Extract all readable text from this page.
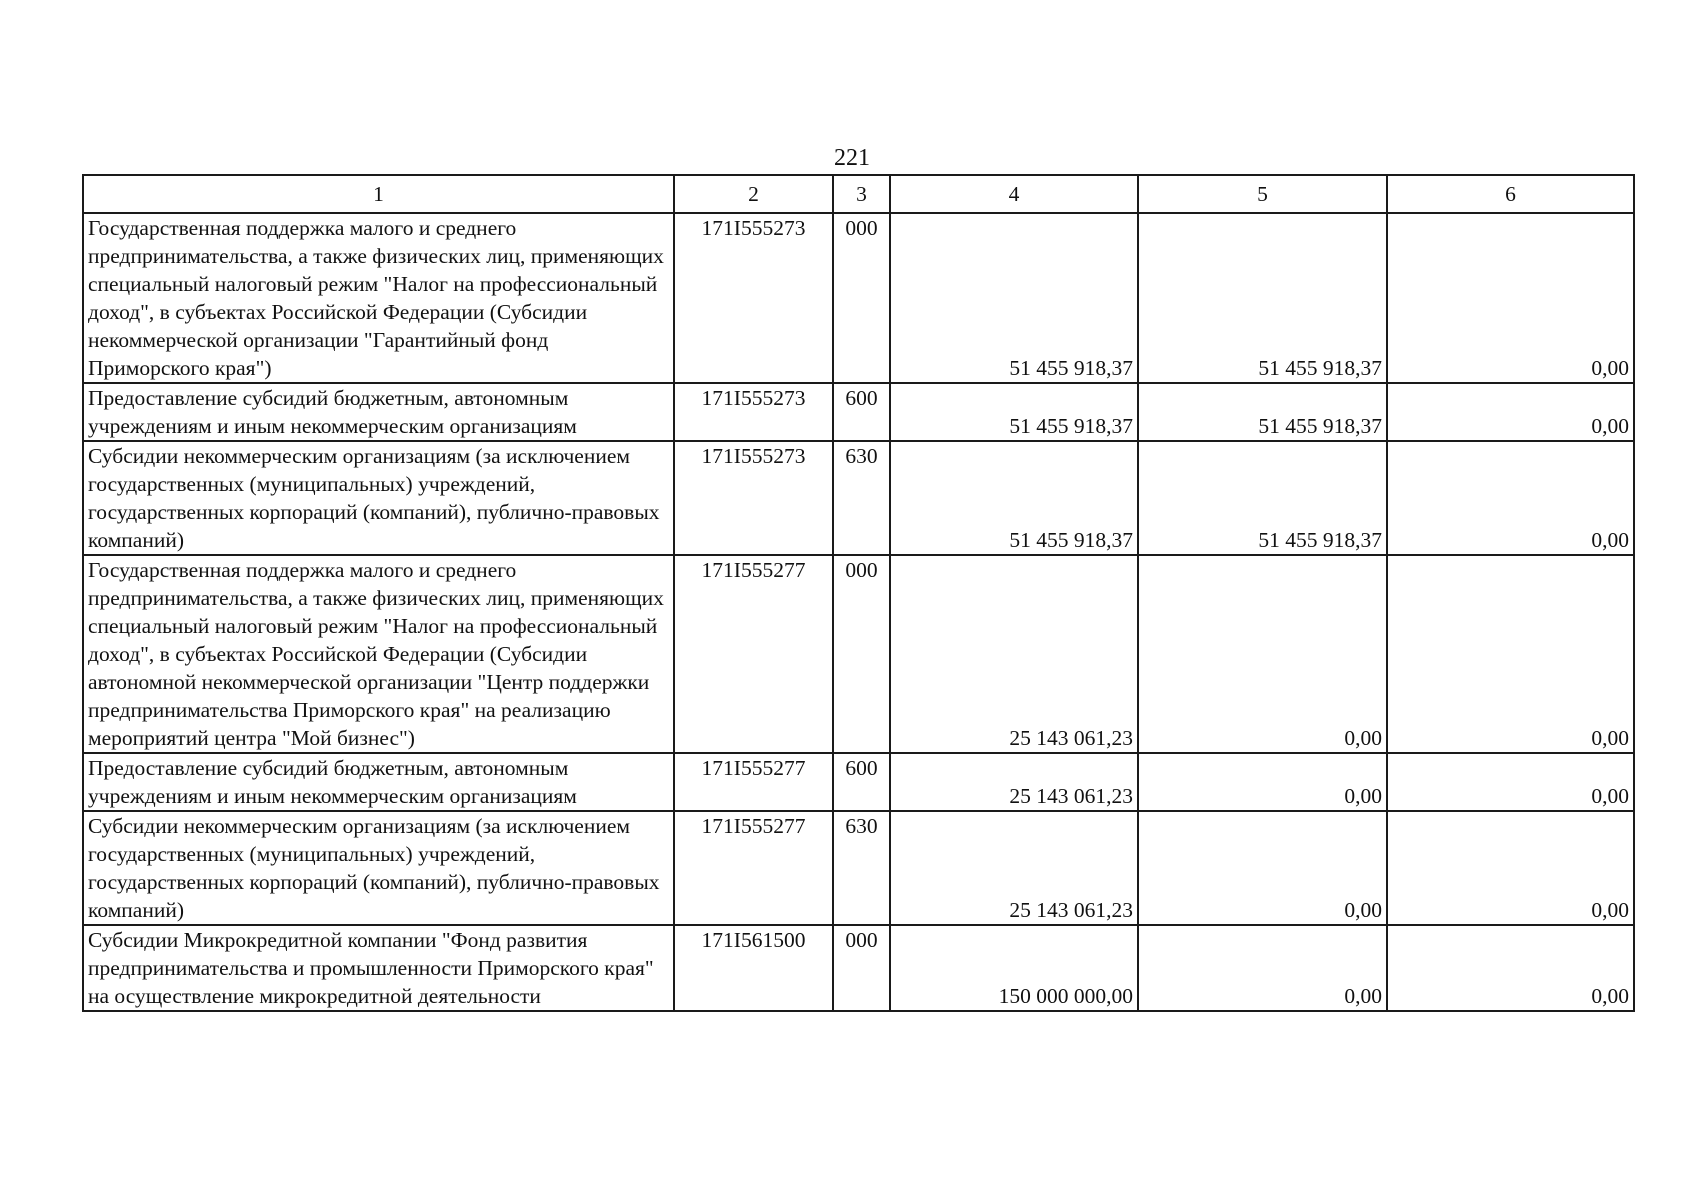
221
1	2	3	4	5	6
Государственная поддержка малого и среднего предпринимательства, а также физических лиц, применяющих специальный налоговый режим "Налог на профессиональный доход", в субъектах Российской Федерации (Субсидии некоммерческой организации "Гарантийный фонд Приморского края")	171I555273	000	51 455 918,37	51 455 918,37	0,00
Предоставление субсидий бюджетным, автономным учреждениям и иным некоммерческим организациям	171I555273	600	51 455 918,37	51 455 918,37	0,00
Субсидии некоммерческим организациям (за исключением государственных (муниципальных) учреждений, государственных корпораций (компаний), публично-правовых компаний)	171I555273	630	51 455 918,37	51 455 918,37	0,00
Государственная поддержка малого и среднего предпринимательства, а также физических лиц, применяющих специальный налоговый режим "Налог на профессиональный доход", в субъектах Российской Федерации (Субсидии автономной некоммерческой организации "Центр поддержки предпринимательства Приморского края" на реализацию мероприятий центра "Мой бизнес")	171I555277	000	25 143 061,23	0,00	0,00
Предоставление субсидий бюджетным, автономным учреждениям и иным некоммерческим организациям	171I555277	600	25 143 061,23	0,00	0,00
Субсидии некоммерческим организациям (за исключением государственных (муниципальных) учреждений, государственных корпораций (компаний), публично-правовых компаний)	171I555277	630	25 143 061,23	0,00	0,00
Субсидии Микрокредитной компании "Фонд развития предпринимательства и промышленности Приморского края" на осуществление микрокредитной деятельности	171I561500	000	150 000 000,00	0,00	0,00
